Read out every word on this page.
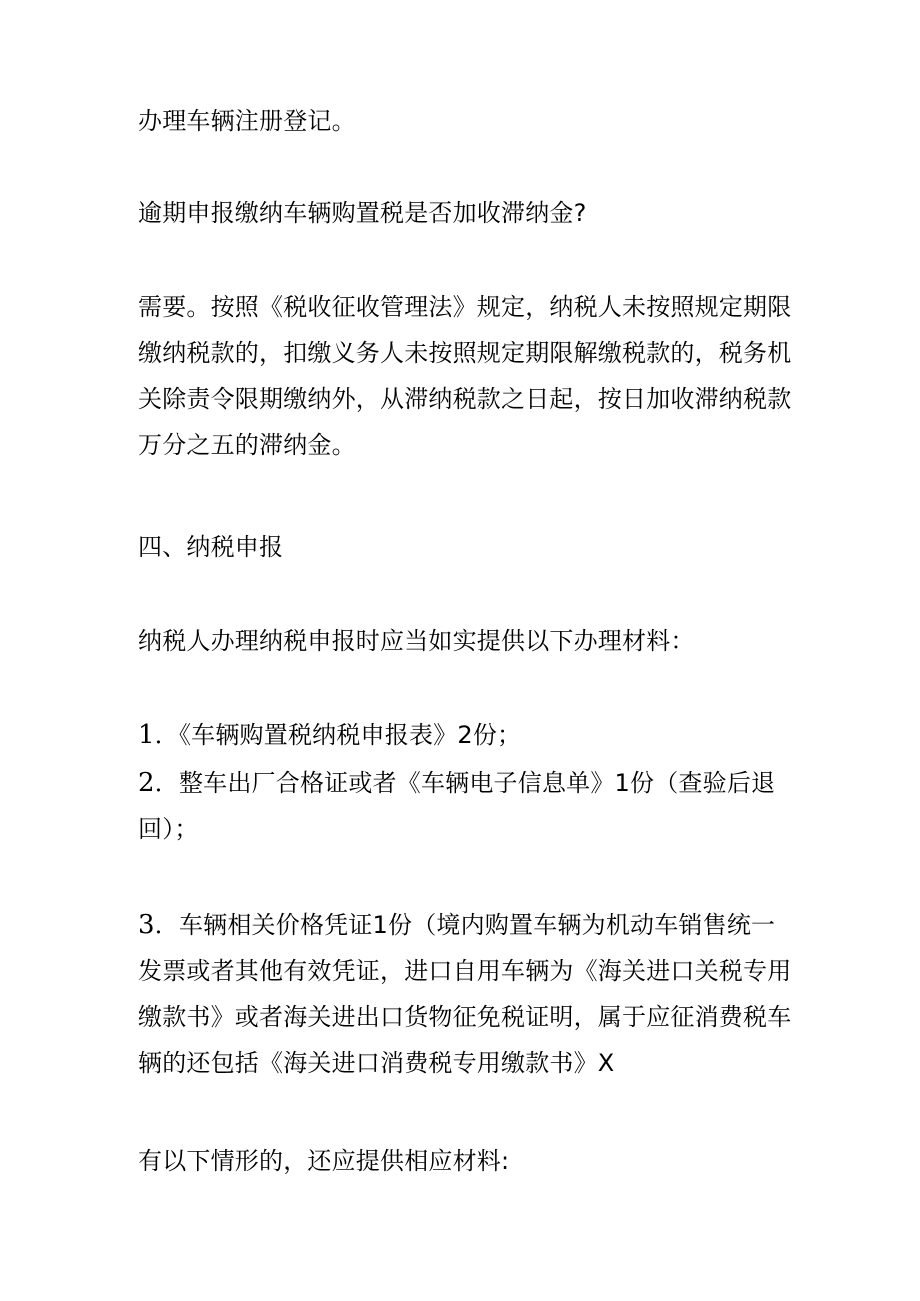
办理车辆注册登记。

逾期申报缴纳车辆购置税是否加收滞纳金?

需要。按照《税收征收管理法》规定，纳税人未按照规定期限缴纳税款的，扣缴义务人未按照规定期限解缴税款的，税务机关除责令限期缴纳外，从滞纳税款之日起，按日加收滞纳税款万分之五的滞纳金。

四、纳税申报

纳税人办理纳税申报时应当如实提供以下办理材料：

1．《车辆购置税纳税申报表》2份；

2．整车出厂合格证或者《车辆电子信息单》1份（查验后退回）；

3．车辆相关价格凭证1份（境内购置车辆为机动车销售统一发票或者其他有效凭证，进口自用车辆为《海关进口关税专用缴款书》或者海关进出口货物征免税证明，属于应征消费税车辆的还包括《海关进口消费税专用缴款书》X

有以下情形的，还应提供相应材料:
